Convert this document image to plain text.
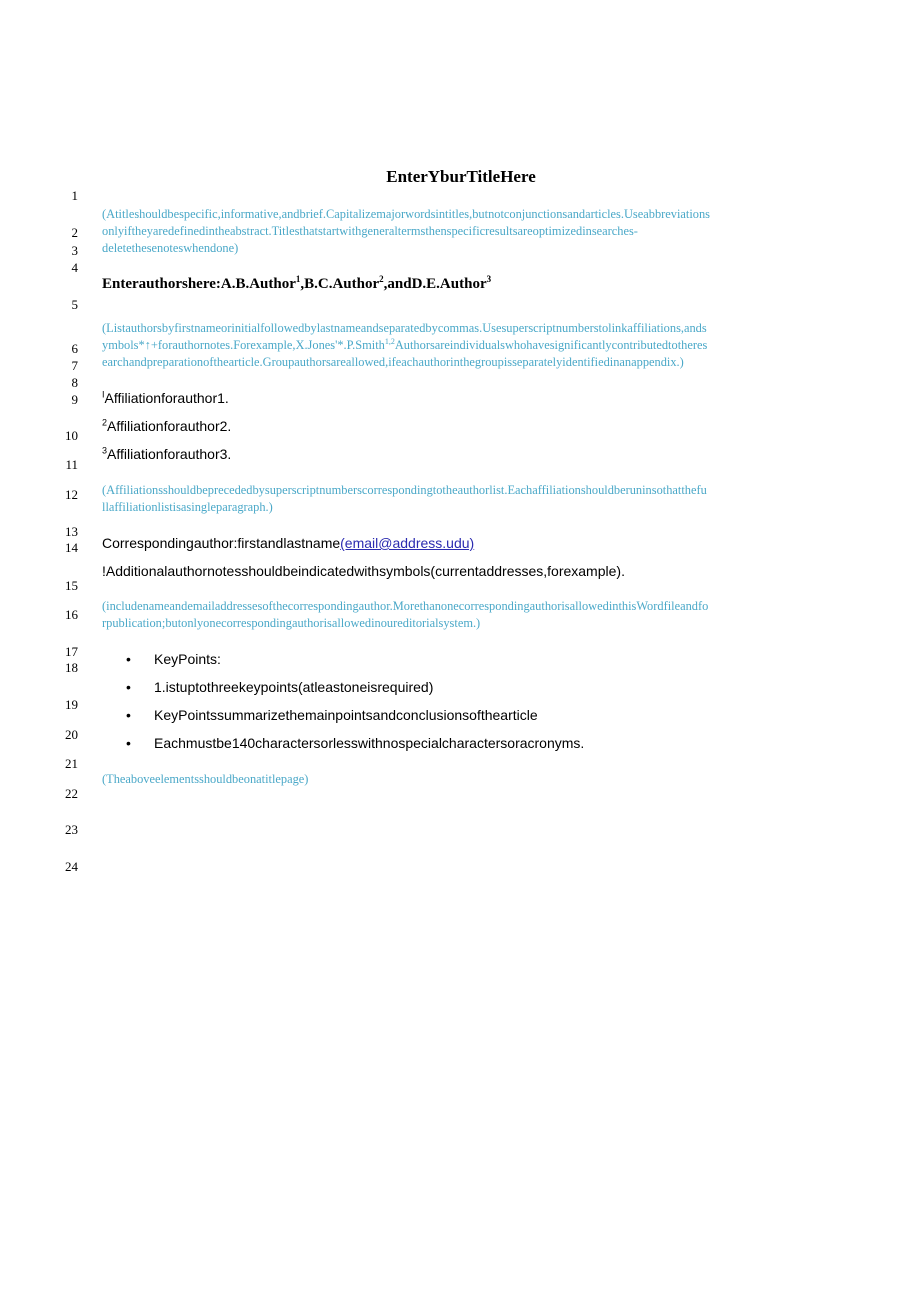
1
2
3
4
5
6
7
8
9
10
11
12
13
14
15
16
17
18
19
20
21
22
23
24
EnterYburTitleHere
(Atitleshouldbespecific,informative,andbrief.Capitalizemajorwordsintitles,butnotconjunctionsandarticles.Useabbreviations
onlyiftheyaredefinedintheabstract.Titlesthatstartwithgeneraltermsthenspecificresultsareoptimizedinsearches-
deletethesenoteswhendone)
Enterauthorshere:A.B.Author$^1$,B.C.Author$^2$,andD.E.Author$^3$
(Listauthorsbyfirstnameorinitialfollowedbylastnameandseparatedbycommas.Usesuperscriptnumberstolinkaffiliations,ands
ymbols*↑+forauthornotes.Forexample,X.Jones'*.P.Smith$^{1,2}$Authorsareindividualswhohavesignificantlycontributedtotheres
earchandpreparationofthearticle.Groupauthorsareallowed,ifeachauthorinthegroupisseparatelyidentifiedinanappendix.)
$^I$Affiliationforauthor1.
$^2$Affiliationforauthor2.
$^3$Affiliationforauthor3.
(Affiliationsshouldbeprecededbysuperscriptnumberscorrespondingtotheauthorlist.Eachaffiliationshouldberuninsothatthefu
llaffiliationlistisasingleparagraph.)
Correspondingauthor:firstandlastname(email@address.udu)
!Additionalauthornotesshouldbeindicatedwithsymbols(currentaddresses,forexample).
(includenameandemailaddressesofthecorrespondingauthor.MorethanonecorrespondingauthorisallowedinthisWordfileandfo
rpublication;butonlyonecorrespondingauthorisallowedinoureditorialsystem.)
• KeyPoints:
• 1.istuptothreekeypoints(atleastoneisrequired)
• KeyPointssummarizethemainpointsandconclusionsofthearticle
• Eachmustbe140charactersorlesswithnospecialcharactersoracronyms.
(Theaboveelementsshouldbeonatitlepage)
